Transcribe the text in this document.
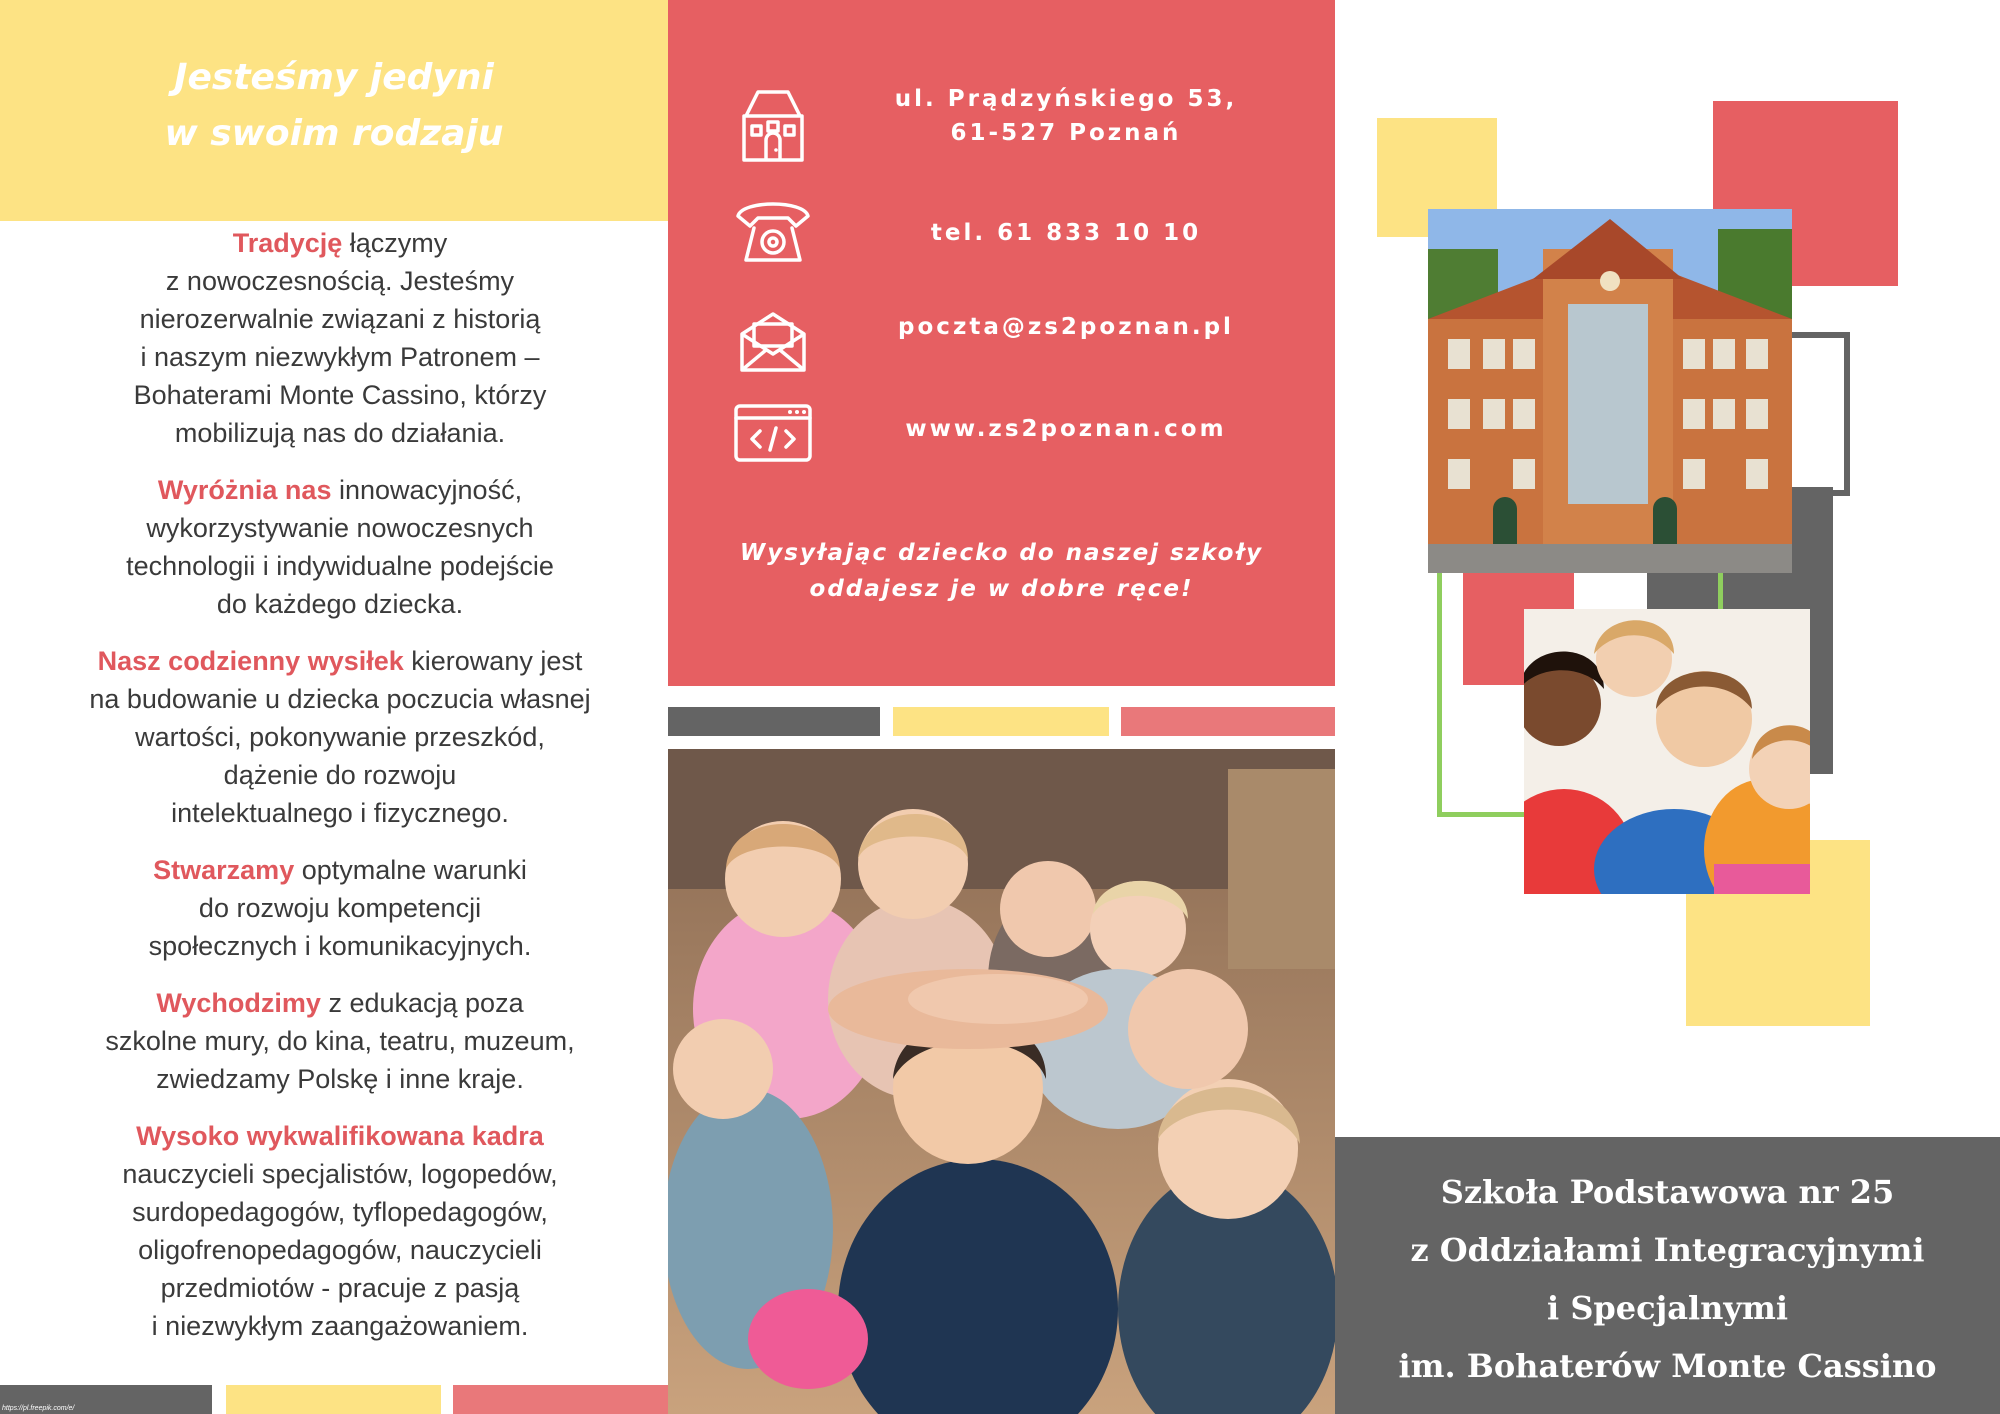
Jesteśmy jedyni
w swoim rodzaju

Tradycję łączymy
z nowoczesnością. Jesteśmy
nierozerwalnie związani z historią
i naszym niezwykłym Patronem –
Bohaterami Monte Cassino, którzy
mobilizują nas do działania.

Wyróżnia nas innowacyjność,
wykorzystywanie nowoczesnych
technologii i indywidualne podejście
do każdego dziecka.

Nasz codzienny wysiłek kierowany jest
na budowanie u dziecka poczucia własnej
wartości, pokonywanie przeszkód,
dążenie do rozwoju
intelektualnego i fizycznego.

Stwarzamy optymalne warunki
do rozwoju kompetencji
społecznych i komunikacyjnych.

Wychodzimy z edukacją poza
szkolne mury, do kina, teatru, muzeum,
zwiedzamy Polskę i inne kraje.

Wysoko wykwalifikowana kadra
nauczycieli specjalistów, logopedów,
surdopedagogów, tyflopedagogów,
oligofrenopedagogów, nauczycieli
przedmiotów - pracuje z pasją
i niezwykłym zaangażowaniem.

https://pl.freepik.com/e/
ul. Prądzyńskiego 53,
61-527 Poznań
tel. 61 833 10 10
poczta@zs2poznan.pl
www.zs2poznan.com
Wysyłając dziecko do naszej szkoły
oddajesz je w dobre ręce!
Szkoła Podstawowa nr 25
z Oddziałami Integracyjnymi
i Specjalnymi
im. Bohaterów Monte Cassino
